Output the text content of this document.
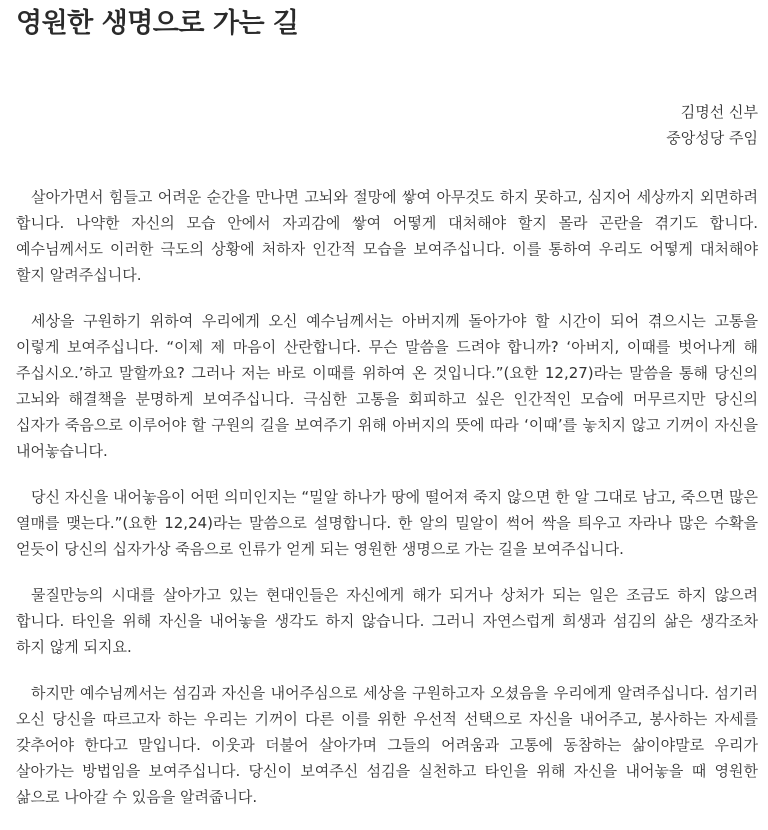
영원한 생명으로 가는 길
김명선 신부
중앙성당 주임

살아가면서 힘들고 어려운 순간을 만나면 고뇌와 절망에 쌓여 아무것도 하지 못하고, 심지어 세상까지 외면하려 합니다. 나약한 자신의 모습 안에서 자괴감에 쌓여 어떻게 대처해야 할지 몰라 곤란을 겪기도 합니다. 예수님께서도 이러한 극도의 상황에 처하자 인간적 모습을 보여주십니다. 이를 통하여 우리도 어떻게 대처해야 할지 알려주십니다.

세상을 구원하기 위하여 우리에게 오신 예수님께서는 아버지께 돌아가야 할 시간이 되어 겪으시는 고통을 이렇게 보여주십니다. “이제 제 마음이 산란합니다. 무슨 말씀을 드려야 합니까? ‘아버지, 이때를 벗어나게 해 주십시오.’하고 말할까요? 그러나 저는 바로 이때를 위하여 온 것입니다.”(요한 12,27)라는 말씀을 통해 당신의 고뇌와 해결책을 분명하게 보여주십니다. 극심한 고통을 회피하고 싶은 인간적인 모습에 머무르지만 당신의 십자가 죽음으로 이루어야 할 구원의 길을 보여주기 위해 아버지의 뜻에 따라 ‘이때’를 놓치지 않고 기꺼이 자신을 내어놓습니다.

당신 자신을 내어놓음이 어떤 의미인지는 “밀알 하나가 땅에 떨어져 죽지 않으면 한 알 그대로 남고, 죽으면 많은 열매를 맺는다.”(요한 12,24)라는 말씀으로 설명합니다. 한 알의 밀알이 썩어 싹을 틔우고 자라나 많은 수확을 얻듯이 당신의 십자가상 죽음으로 인류가 얻게 되는 영원한 생명으로 가는 길을 보여주십니다.

물질만능의 시대를 살아가고 있는 현대인들은 자신에게 해가 되거나 상처가 되는 일은 조금도 하지 않으려 합니다. 타인을 위해 자신을 내어놓을 생각도 하지 않습니다. 그러니 자연스럽게 희생과 섬김의 삶은 생각조차 하지 않게 되지요.

하지만 예수님께서는 섬김과 자신을 내어주심으로 세상을 구원하고자 오셨음을 우리에게 알려주십니다. 섬기러 오신 당신을 따르고자 하는 우리는 기꺼이 다른 이를 위한 우선적 선택으로 자신을 내어주고, 봉사하는 자세를 갖추어야 한다고 말입니다. 이웃과 더불어 살아가며 그들의 어려움과 고통에 동참하는 삶이야말로 우리가 살아가는 방법임을 보여주십니다. 당신이 보여주신 섬김을 실천하고 타인을 위해 자신을 내어놓을 때 영원한 삶으로 나아갈 수 있음을 알려줍니다.
